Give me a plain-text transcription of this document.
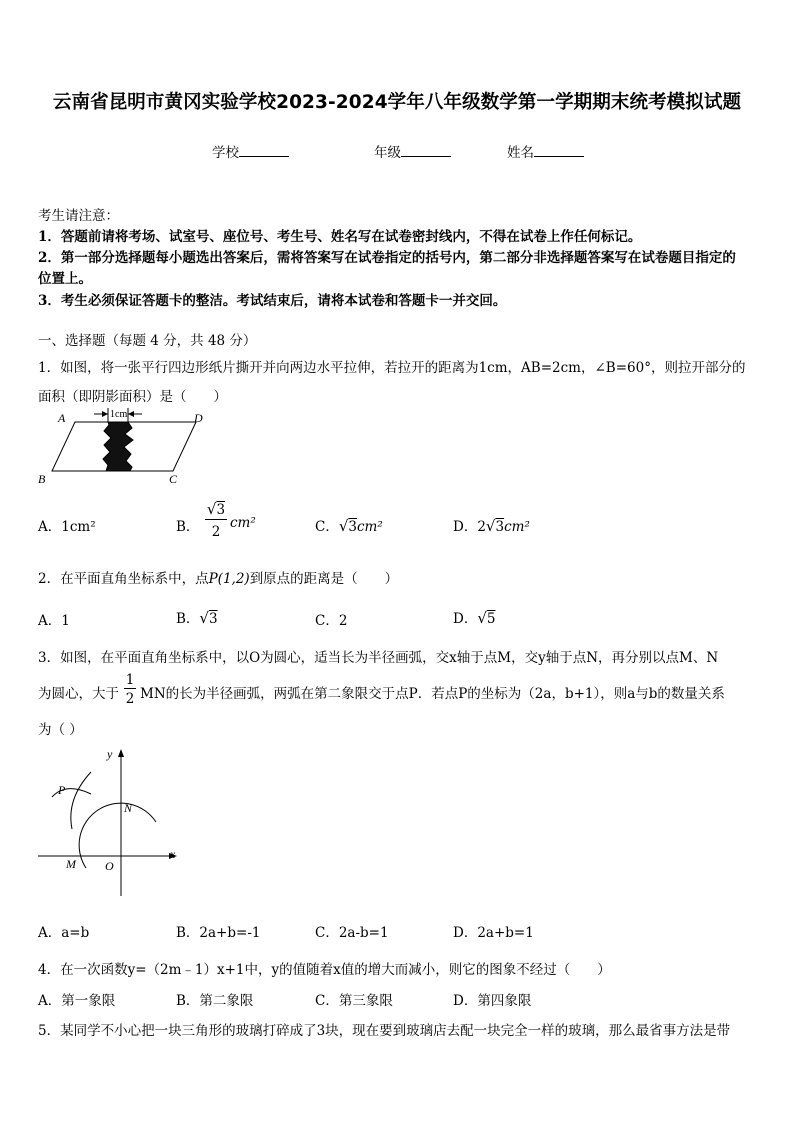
云南省昆明市黄冈实验学校2023-2024学年八年级数学第一学期期末统考模拟试题
学校	年级	姓名
考生请注意：
1．答题前请将考场、试室号、座位号、考生号、姓名写在试卷密封线内，不得在试卷上作任何标记。
2．第一部分选择题每小题选出答案后，需将答案写在试卷指定的括号内，第二部分非选择题答案写在试卷题目指定的
位置上。
3．考生必须保证答题卡的整洁。考试结束后，请将本试卷和答题卡一并交回。
一、选择题（每题 4 分，共 48 分）
1．如图，将一张平行四边形纸片撕开并向两边水平拉伸，若拉开的距离为1cm，AB=2cm，∠B=60°，则拉开部分的
面积（即阴影面积）是（　　）
A	D
B	C
1cm
A．1cm²	B．
√3
2
cm²	C．√3cm²	D．2√3cm²
2．在平面直角坐标系中，点P(1,2)到原点的距离是（　　）
A．1	B．√3	C．2	D．√5
3．如图，在平面直角坐标系中，以O为圆心，适当长为半径画弧，交x轴于点M，交y轴于点N，再分别以点M、N
为圆心，大于
1
2 MN的长为半径画弧，两弧在第二象限交于点P．若点P的坐标为（2a，b+1），则a与b的数量关系
为（ ）
y
x
P
N
M O
A．a=b	B．2a+b=-1	C．2a-b=1	D．2a+b=1
4．在一次函数y=（2m﹣1）x+1中，y的值随着x值的增大而减小，则它的图象不经过（　　）
A．第一象限	B．第二象限	C．第三象限	D．第四象限
5．某同学不小心把一块三角形的玻璃打碎成了3块，现在要到玻璃店去配一块完全一样的玻璃，那么最省事方法是带
